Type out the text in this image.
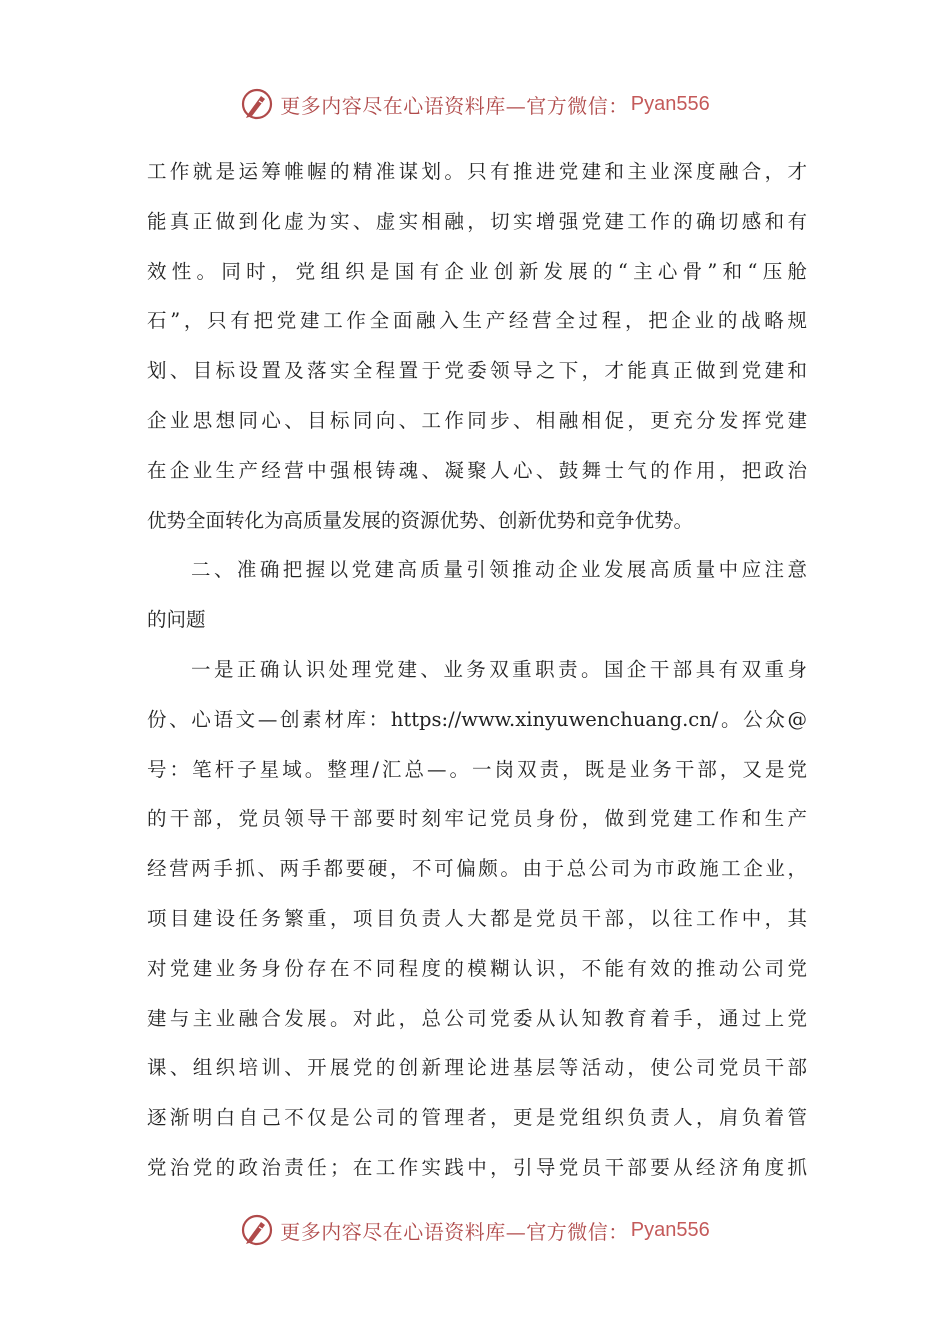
更多内容尽在心语资料库—官方微信： Pyan556
工作就是运筹帷幄的精准谋划。只有推进党建和主业深度融合，才
能真正做到化虚为实、虚实相融，切实增强党建工作的确切感和有
效性。同时，党组织是国有企业创新发展的“主心骨”和“压舱
石”，只有把党建工作全面融入生产经营全过程，把企业的战略规
划、目标设置及落实全程置于党委领导之下，才能真正做到党建和
企业思想同心、目标同向、工作同步、相融相促，更充分发挥党建
在企业生产经营中强根铸魂、凝聚人心、鼓舞士气的作用，把政治
优势全面转化为高质量发展的资源优势、创新优势和竞争优势。
二、准确把握以党建高质量引领推动企业发展高质量中应注意
的问题
一是正确认识处理党建、业务双重职责。国企干部具有双重身
份、心语文—创素材库：https://www.xinyuwenchuang.cn/。公众@
号：笔杆子星域。整理/汇总—。一岗双责，既是业务干部，又是党
的干部，党员领导干部要时刻牢记党员身份，做到党建工作和生产
经营两手抓、两手都要硬，不可偏颇。由于总公司为市政施工企业，
项目建设任务繁重，项目负责人大都是党员干部，以往工作中，其
对党建业务身份存在不同程度的模糊认识，不能有效的推动公司党
建与主业融合发展。对此，总公司党委从认知教育着手，通过上党
课、组织培训、开展党的创新理论进基层等活动，使公司党员干部
逐渐明白自己不仅是公司的管理者，更是党组织负责人，肩负着管
党治党的政治责任；在工作实践中，引导党员干部要从经济角度抓
更多内容尽在心语资料库—官方微信： Pyan556
